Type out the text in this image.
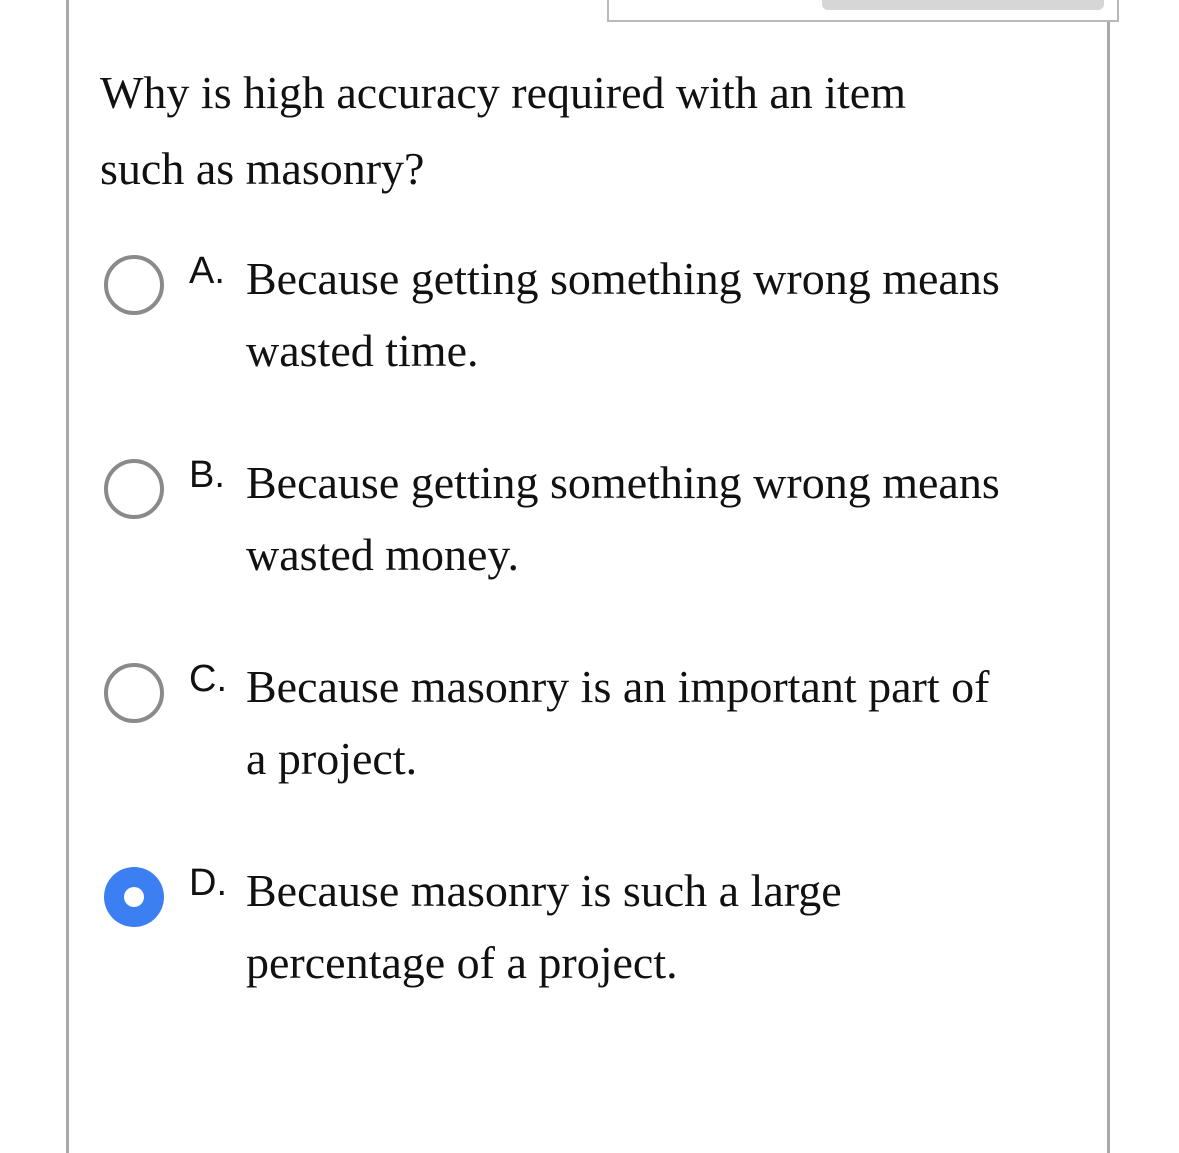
Why is high accuracy required with an item such as masonry?
A. Because getting something wrong means wasted time.
B. Because getting something wrong means wasted money.
C. Because masonry is an important part of a project.
D. Because masonry is such a large percentage of a project.
